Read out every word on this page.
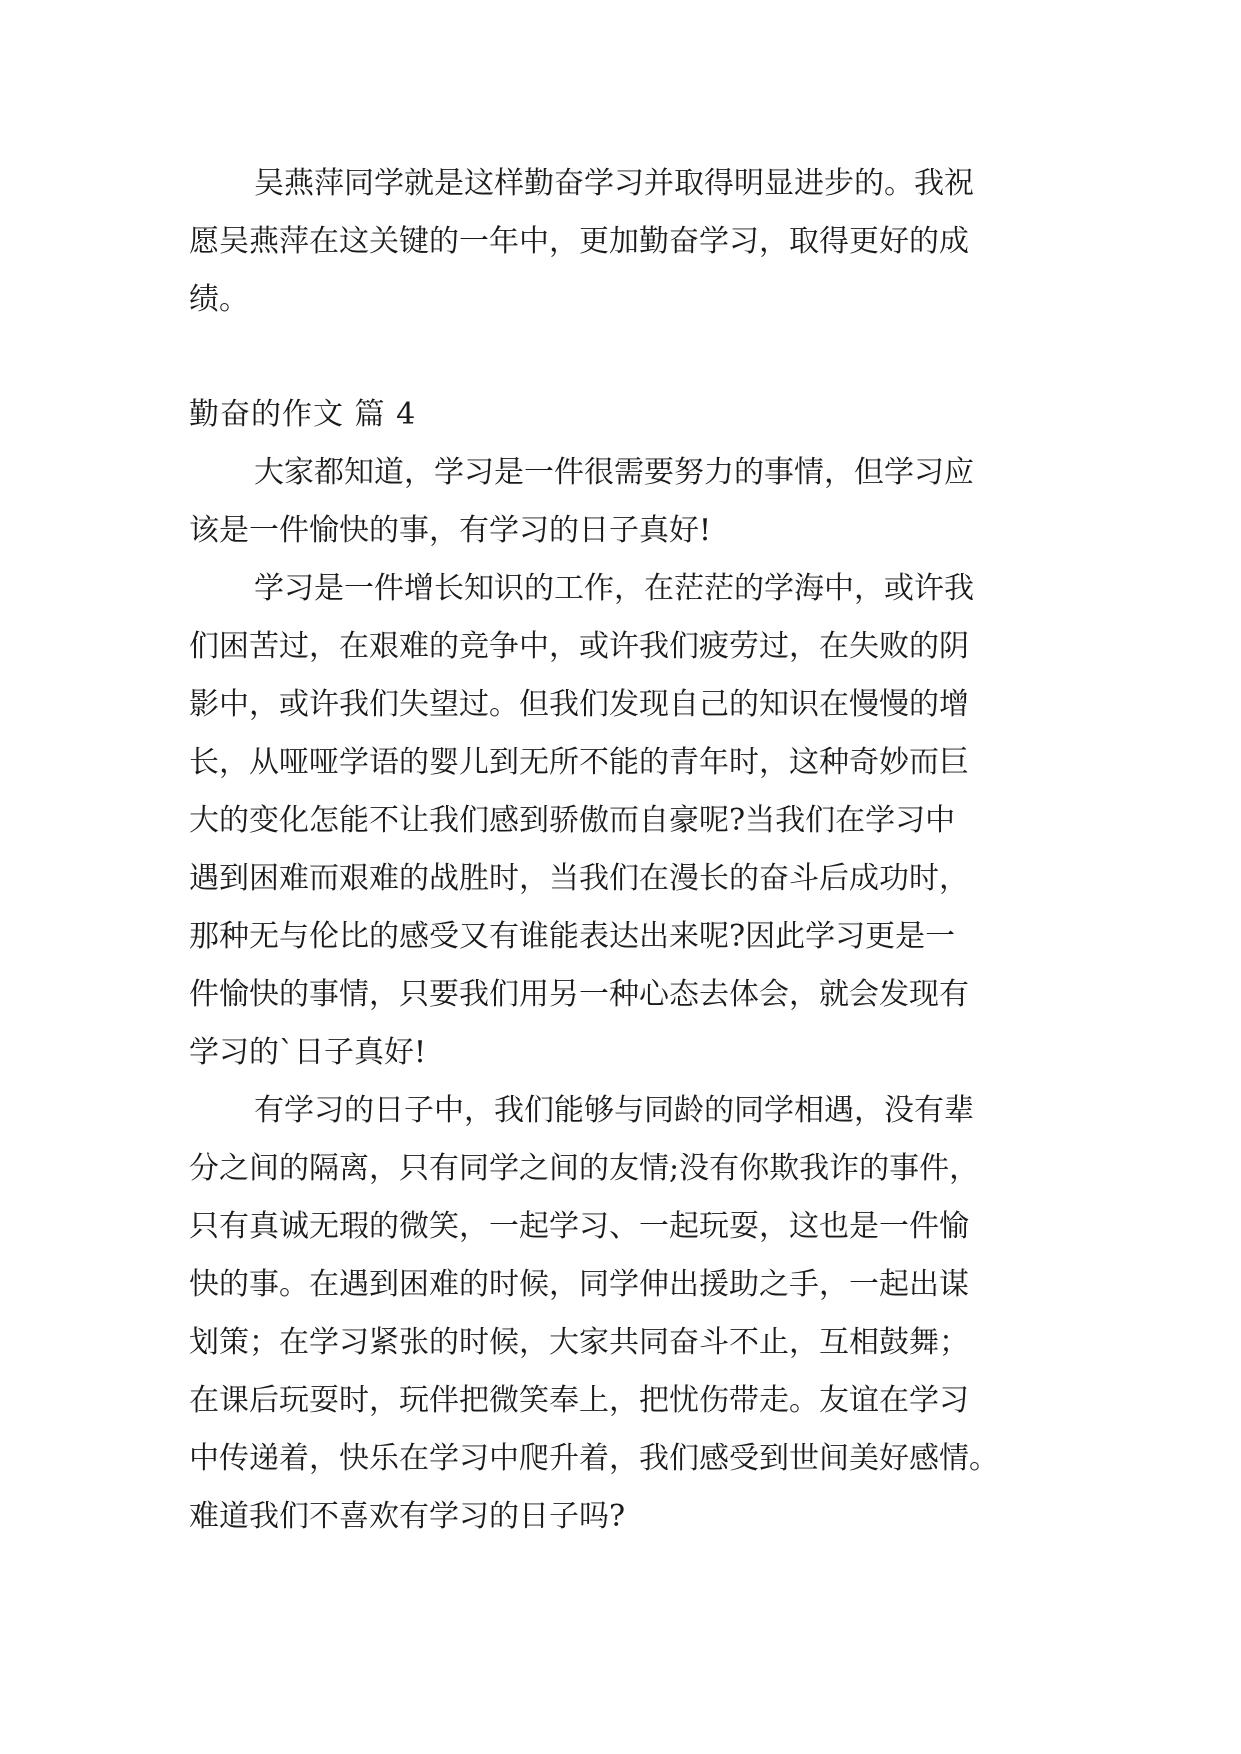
吴燕萍同学就是这样勤奋学习并取得明显进步的。我祝

愿吴燕萍在这关键的一年中，更加勤奋学习，取得更好的成

绩。

勤奋的作文 篇 4

大家都知道，学习是一件很需要努力的事情，但学习应

该是一件愉快的事，有学习的日子真好!

学习是一件增长知识的工作，在茫茫的学海中，或许我

们困苦过，在艰难的竞争中，或许我们疲劳过，在失败的阴

影中，或许我们失望过。但我们发现自己的知识在慢慢的增

长，从哑哑学语的婴儿到无所不能的青年时，这种奇妙而巨

大的变化怎能不让我们感到骄傲而自豪呢?当我们在学习中

遇到困难而艰难的战胜时，当我们在漫长的奋斗后成功时，

那种无与伦比的感受又有谁能表达出来呢?因此学习更是一

件愉快的事情，只要我们用另一种心态去体会，就会发现有

学习的`日子真好!

有学习的日子中，我们能够与同龄的同学相遇，没有辈

分之间的隔离，只有同学之间的友情;没有你欺我诈的事件，

只有真诚无瑕的微笑，一起学习、一起玩耍，这也是一件愉

快的事。在遇到困难的时候，同学伸出援助之手，一起出谋

划策；在学习紧张的时候，大家共同奋斗不止，互相鼓舞；

在课后玩耍时，玩伴把微笑奉上，把忧伤带走。友谊在学习

中传递着，快乐在学习中爬升着，我们感受到世间美好感情。

难道我们不喜欢有学习的日子吗?
